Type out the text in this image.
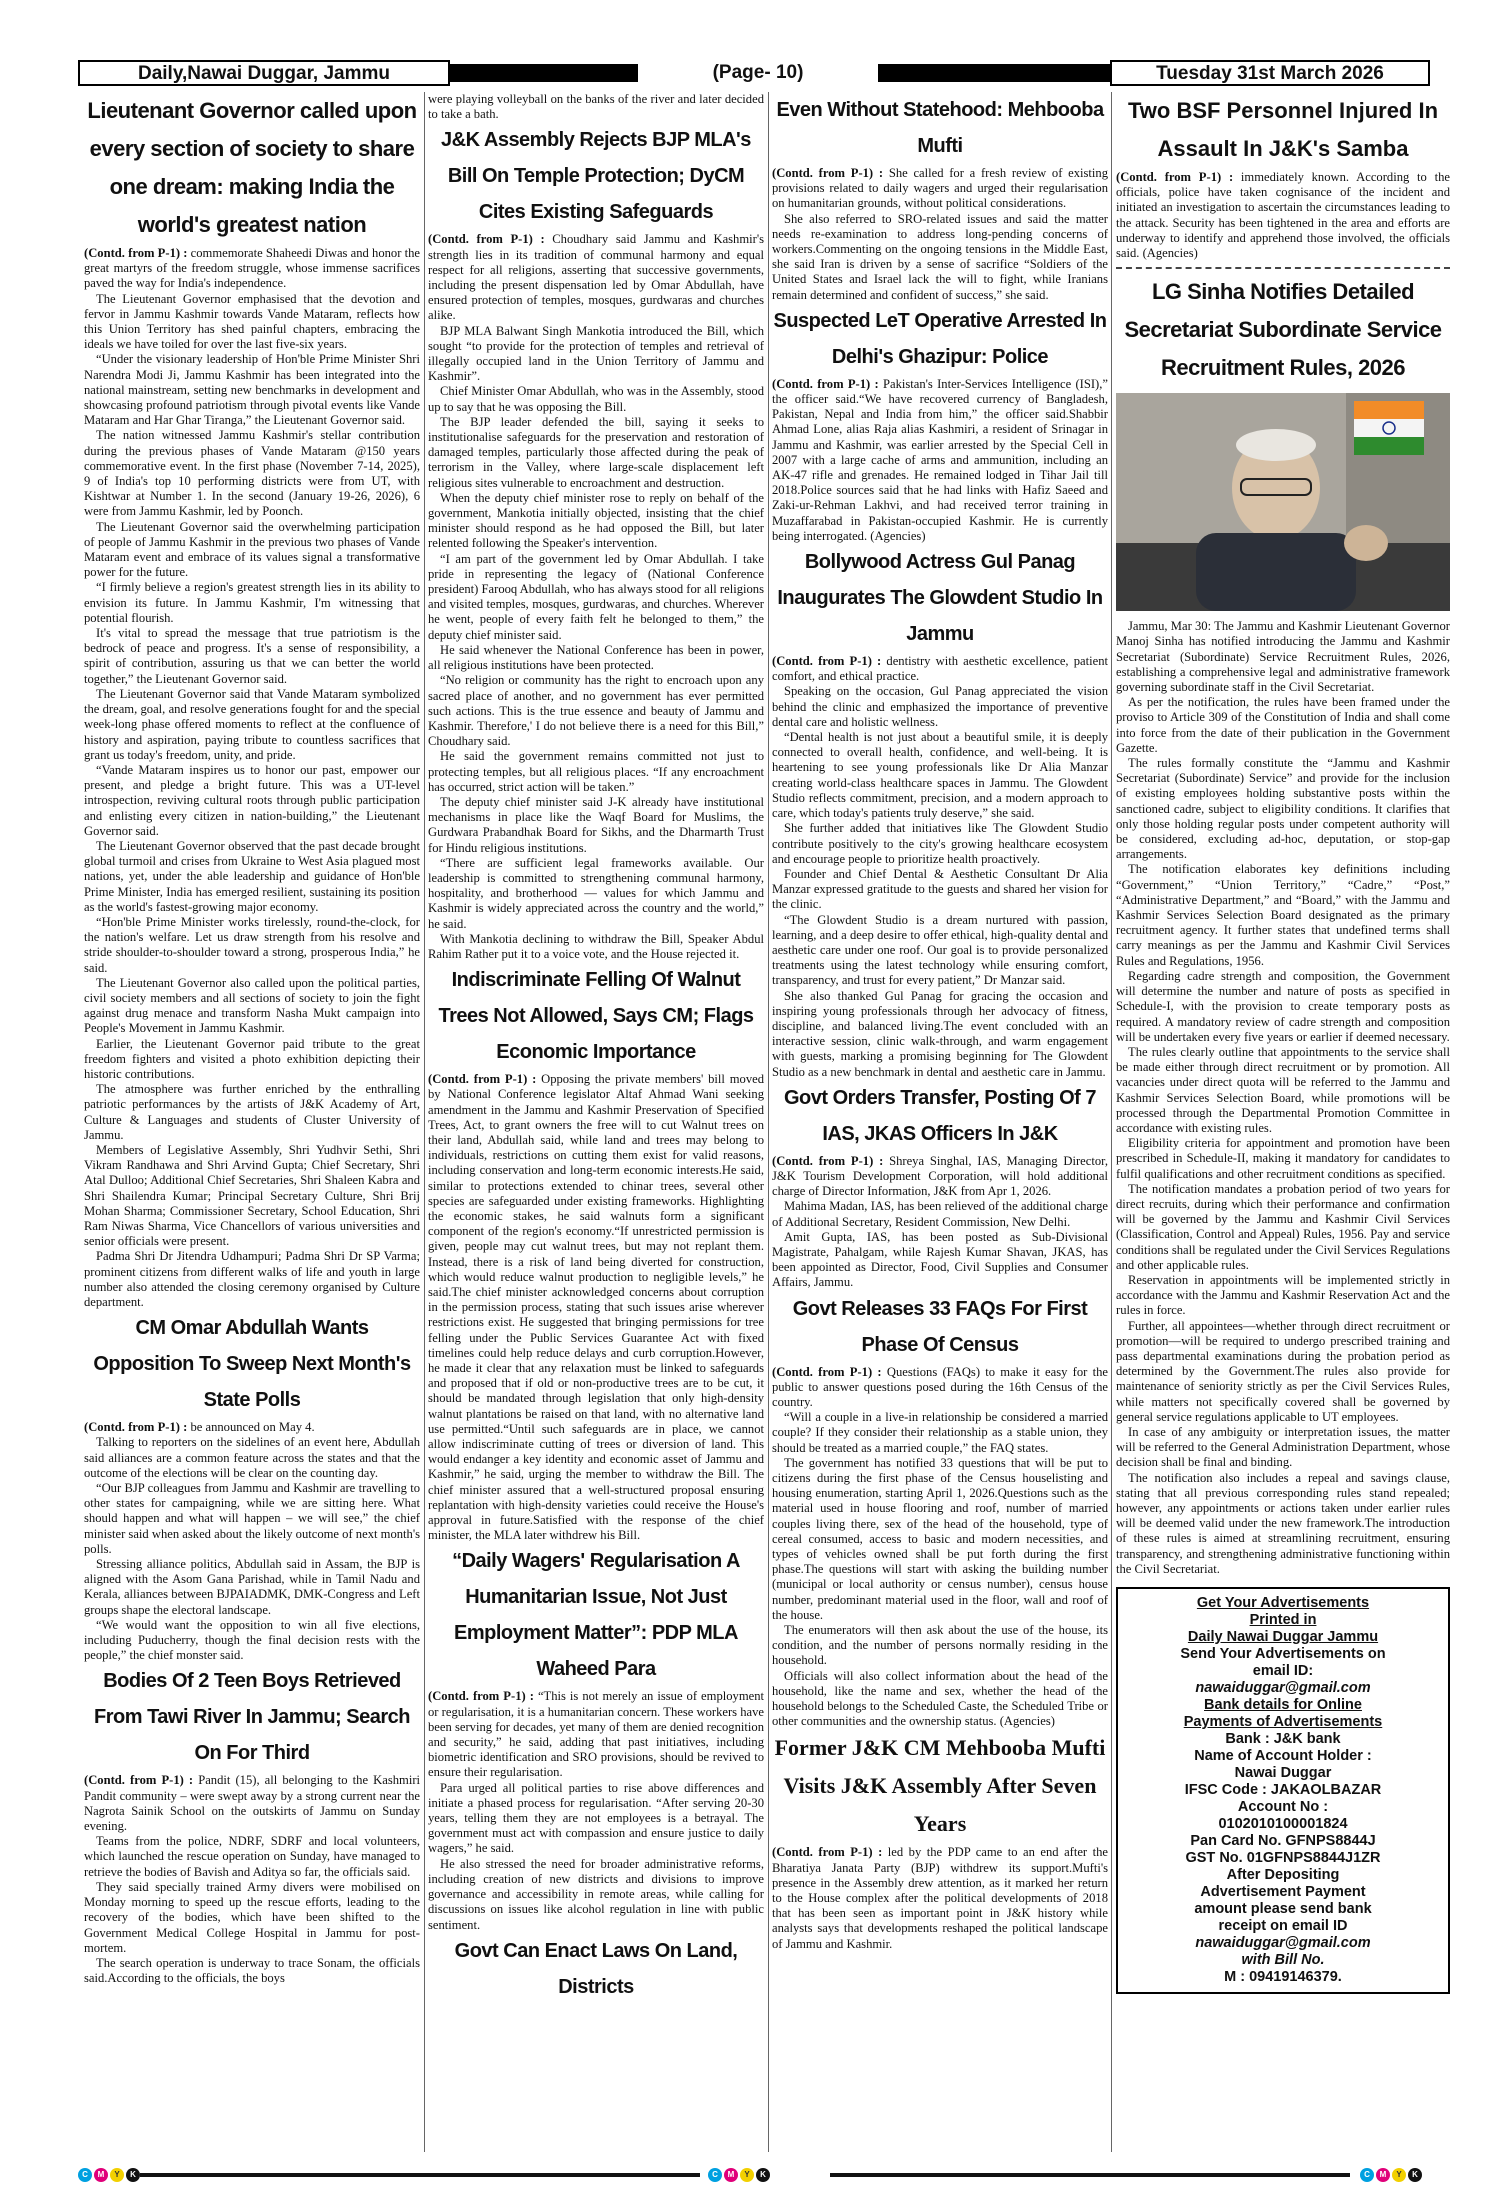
Daily,Nawai Duggar, Jammu	(Page- 10)	Tuesday 31st March 2026
Lieutenant Governor called upon every section of society to share one dream: making India the world's greatest nation

(Contd. from P-1) : commemorate Shaheedi Diwas and honor the great martyrs of the freedom struggle, whose immense sacrifices paved the way for India's independence.

The Lieutenant Governor emphasised that the devotion and fervor in Jammu Kashmir towards Vande Mataram, reflects how this Union Territory has shed painful chapters, embracing the ideals we have toiled for over the last five-six years.

“Under the visionary leadership of Hon'ble Prime Minister Shri Narendra Modi Ji, Jammu Kashmir has been integrated into the national mainstream, setting new benchmarks in development and showcasing profound patriotism through pivotal events like Vande Mataram and Har Ghar Tiranga,” the Lieutenant Governor said.

The nation witnessed Jammu Kashmir's stellar contribution during the previous phases of Vande Mataram @150 years commemorative event. In the first phase (November 7-14, 2025), 9 of India's top 10 performing districts were from UT, with Kishtwar at Number 1. In the second (January 19-26, 2026), 6 were from Jammu Kashmir, led by Poonch.

The Lieutenant Governor said the overwhelming participation of people of Jammu Kashmir in the previous two phases of Vande Mataram event and embrace of its values signal a transformative power for the future.

“I firmly believe a region's greatest strength lies in its ability to envision its future. In Jammu Kashmir, I'm witnessing that potential flourish.

It's vital to spread the message that true patriotism is the bedrock of peace and progress. It's a sense of responsibility, a spirit of contribution, assuring us that we can better the world together,” the Lieutenant Governor said.

The Lieutenant Governor said that Vande Mataram symbolized the dream, goal, and resolve generations fought for and the special week-long phase offered moments to reflect at the confluence of history and aspiration, paying tribute to countless sacrifices that grant us today's freedom, unity, and pride.

“Vande Mataram inspires us to honor our past, empower our present, and pledge a bright future. This was a UT-level introspection, reviving cultural roots through public participation and enlisting every citizen in nation-building,” the Lieutenant Governor said.

The Lieutenant Governor observed that the past decade brought global turmoil and crises from Ukraine to West Asia plagued most nations, yet, under the able leadership and guidance of Hon'ble Prime Minister, India has emerged resilient, sustaining its position as the world's fastest-growing major economy.

“Hon'ble Prime Minister works tirelessly, round-the-clock, for the nation's welfare. Let us draw strength from his resolve and stride shoulder-to-shoulder toward a strong, prosperous India,” he said.

The Lieutenant Governor also called upon the political parties, civil society members and all sections of society to join the fight against drug menace and transform Nasha Mukt campaign into People's Movement in Jammu Kashmir.

Earlier, the Lieutenant Governor paid tribute to the great freedom fighters and visited a photo exhibition depicting their historic contributions.

The atmosphere was further enriched by the enthralling patriotic performances by the artists of J&K Academy of Art, Culture & Languages and students of Cluster University of Jammu.

Members of Legislative Assembly, Shri Yudhvir Sethi, Shri Vikram Randhawa and Shri Arvind Gupta; Chief Secretary, Shri Atal Dulloo; Additional Chief Secretaries, Shri Shaleen Kabra and Shri Shailendra Kumar; Principal Secretary Culture, Shri Brij Mohan Sharma; Commissioner Secretary, School Education, Shri Ram Niwas Sharma, Vice Chancellors of various universities and senior officials were present.

Padma Shri Dr Jitendra Udhampuri; Padma Shri Dr SP Varma; prominent citizens from different walks of life and youth in large number also attended the closing ceremony organised by Culture department.

CM Omar Abdullah Wants Opposition To Sweep Next Month's State Polls

(Contd. from P-1) : be announced on May 4.

Talking to reporters on the sidelines of an event here, Abdullah said alliances are a common feature across the states and that the outcome of the elections will be clear on the counting day.

“Our BJP colleagues from Jammu and Kashmir are travelling to other states for campaigning, while we are sitting here. What should happen and what will happen – we will see,” the chief minister said when asked about the likely outcome of next month's polls.

Stressing alliance politics, Abdullah said in Assam, the BJP is aligned with the Asom Gana Parishad, while in Tamil Nadu and Kerala, alliances between BJPAIADMK, DMK-Congress and Left groups shape the electoral landscape.

“We would want the opposition to win all five elections, including Puducherry, though the final decision rests with the people,” the chief monster said.

Bodies Of 2 Teen Boys Retrieved From Tawi River In Jammu; Search On For Third

(Contd. from P-1) : Pandit (15), all belonging to the Kashmiri Pandit community – were swept away by a strong current near the Nagrota Sainik School on the outskirts of Jammu on Sunday evening.

Teams from the police, NDRF, SDRF and local volunteers, which launched the rescue operation on Sunday, have managed to retrieve the bodies of Bavish and Aditya so far, the officials said.

They said specially trained Army divers were mobilised on Monday morning to speed up the rescue efforts, leading to the recovery of the bodies, which have been shifted to the Government Medical College Hospital in Jammu for post-mortem.

The search operation is underway to trace Sonam, the officials said.According to the officials, the boys

were playing volleyball on the banks of the river and later decided to take a bath.

J&K Assembly Rejects BJP MLA's Bill On Temple Protection; DyCM Cites Existing Safeguards

(Contd. from P-1) : Choudhary said Jammu and Kashmir's strength lies in its tradition of communal harmony and equal respect for all religions, asserting that successive governments, including the present dispensation led by Omar Abdullah, have ensured protection of temples, mosques, gurdwaras and churches alike.

BJP MLA Balwant Singh Mankotia introduced the Bill, which sought “to provide for the protection of temples and retrieval of illegally occupied land in the Union Territory of Jammu and Kashmir”.

Chief Minister Omar Abdullah, who was in the Assembly, stood up to say that he was opposing the Bill.

The BJP leader defended the bill, saying it seeks to institutionalise safeguards for the preservation and restoration of damaged temples, particularly those affected during the peak of terrorism in the Valley, where large-scale displacement left religious sites vulnerable to encroachment and destruction.

When the deputy chief minister rose to reply on behalf of the government, Mankotia initially objected, insisting that the chief minister should respond as he had opposed the Bill, but later relented following the Speaker's intervention.

“I am part of the government led by Omar Abdullah. I take pride in representing the legacy of (National Conference president) Farooq Abdullah, who has always stood for all religions and visited temples, mosques, gurdwaras, and churches. Wherever he went, people of every faith felt he belonged to them,” the deputy chief minister said.

He said whenever the National Conference has been in power, all religious institutions have been protected.

“No religion or community has the right to encroach upon any sacred place of another, and no government has ever permitted such actions. This is the true essence and beauty of Jammu and Kashmir. Therefore,' I do not believe there is a need for this Bill,” Choudhary said.

He said the government remains committed not just to protecting temples, but all religious places. “If any encroachment has occurred, strict action will be taken.”

The deputy chief minister said J-K already have institutional mechanisms in place like the Waqf Board for Muslims, the Gurdwara Prabandhak Board for Sikhs, and the Dharmarth Trust for Hindu religious institutions.

“There are sufficient legal frameworks available. Our leadership is committed to strengthening communal harmony, hospitality, and brotherhood — values for which Jammu and Kashmir is widely appreciated across the country and the world,” he said.

With Mankotia declining to withdraw the Bill, Speaker Abdul Rahim Rather put it to a voice vote, and the House rejected it.

Indiscriminate Felling Of Walnut Trees Not Allowed, Says CM; Flags Economic Importance

(Contd. from P-1) : Opposing the private members' bill moved by National Conference legislator Altaf Ahmad Wani seeking amendment in the Jammu and Kashmir Preservation of Specified Trees, Act, to grant owners the free will to cut Walnut trees on their land, Abdullah said, while land and trees may belong to individuals, restrictions on cutting them exist for valid reasons, including conservation and long-term economic interests.He said, similar to protections extended to chinar trees, several other species are safeguarded under existing frameworks. Highlighting the economic stakes, he said walnuts form a significant component of the region's economy.“If unrestricted permission is given, people may cut walnut trees, but may not replant them. Instead, there is a risk of land being diverted for construction, which would reduce walnut production to negligible levels,” he said.The chief minister acknowledged concerns about corruption in the permission process, stating that such issues arise wherever restrictions exist. He suggested that bringing permissions for tree felling under the Public Services Guarantee Act with fixed timelines could help reduce delays and curb corruption.However, he made it clear that any relaxation must be linked to safeguards and proposed that if old or non-productive trees are to be cut, it should be mandated through legislation that only high-density walnut plantations be raised on that land, with no alternative land use permitted.“Until such safeguards are in place, we cannot allow indiscriminate cutting of trees or diversion of land. This would endanger a key identity and economic asset of Jammu and Kashmir,” he said, urging the member to withdraw the Bill. The chief minister assured that a well-structured proposal ensuring replantation with high-density varieties could receive the House's approval in future.Satisfied with the response of the chief minister, the MLA later withdrew his Bill.

“Daily Wagers' Regularisation A Humanitarian Issue, Not Just Employment Matter”: PDP MLA Waheed Para

(Contd. from P-1) : “This is not merely an issue of employment or regularisation, it is a humanitarian concern. These workers have been serving for decades, yet many of them are denied recognition and security,” he said, adding that past initiatives, including biometric identification and SRO provisions, should be revived to ensure their regularisation.

Para urged all political parties to rise above differences and initiate a phased process for regularisation. “After serving 20-30 years, telling them they are not employees is a betrayal. The government must act with compassion and ensure justice to daily wagers,” he said.

He also stressed the need for broader administrative reforms, including creation of new districts and divisions to improve governance and accessibility in remote areas, while calling for discussions on issues like alcohol regulation in line with public sentiment.

Govt Can Enact Laws On Land, Districts
Even Without Statehood: Mehbooba Mufti

(Contd. from P-1) : She called for a fresh review of existing provisions related to daily wagers and urged their regularisation on humanitarian grounds, without political considerations.

She also referred to SRO-related issues and said the matter needs re-examination to address long-pending concerns of workers.Commenting on the ongoing tensions in the Middle East, she said Iran is driven by a sense of sacrifice “Soldiers of the United States and Israel lack the will to fight, while Iranians remain determined and confident of success,” she said.

Suspected LeT Operative Arrested In Delhi's Ghazipur: Police

(Contd. from P-1) : Pakistan's Inter-Services Intelligence (ISI),” the officer said.“We have recovered currency of Bangladesh, Pakistan, Nepal and India from him,” the officer said.Shabbir Ahmad Lone, alias Raja alias Kashmiri, a resident of Srinagar in Jammu and Kashmir, was earlier arrested by the Special Cell in 2007 with a large cache of arms and ammunition, including an AK-47 rifle and grenades. He remained lodged in Tihar Jail till 2018.Police sources said that he had links with Hafiz Saeed and Zaki-ur-Rehman Lakhvi, and had received terror training in Muzaffarabad in Pakistan-occupied Kashmir. He is currently being interrogated. (Agencies)

Bollywood Actress Gul Panag Inaugurates The Glowdent Studio In Jammu

(Contd. from P-1) : dentistry with aesthetic excellence, patient comfort, and ethical practice.

Speaking on the occasion, Gul Panag appreciated the vision behind the clinic and emphasized the importance of preventive dental care and holistic wellness.

“Dental health is not just about a beautiful smile, it is deeply connected to overall health, confidence, and well-being. It is heartening to see young professionals like Dr Alia Manzar creating world-class healthcare spaces in Jammu. The Glowdent Studio reflects commitment, precision, and a modern approach to care, which today's patients truly deserve,” she said.

She further added that initiatives like The Glowdent Studio contribute positively to the city's growing healthcare ecosystem and encourage people to prioritize health proactively.

Founder and Chief Dental & Aesthetic Consultant Dr Alia Manzar expressed gratitude to the guests and shared her vision for the clinic.

“The Glowdent Studio is a dream nurtured with passion, learning, and a deep desire to offer ethical, high-quality dental and aesthetic care under one roof. Our goal is to provide personalized treatments using the latest technology while ensuring comfort, transparency, and trust for every patient,” Dr Manzar said.

She also thanked Gul Panag for gracing the occasion and inspiring young professionals through her advocacy of fitness, discipline, and balanced living.The event concluded with an interactive session, clinic walk-through, and warm engagement with guests, marking a promising beginning for The Glowdent Studio as a new benchmark in dental and aesthetic care in Jammu.

Govt Orders Transfer, Posting Of 7 IAS, JKAS Officers In J&K

(Contd. from P-1) : Shreya Singhal, IAS, Managing Director, J&K Tourism Development Corporation, will hold additional charge of Director Information, J&K from Apr 1, 2026.

Mahima Madan, IAS, has been relieved of the additional charge of Additional Secretary, Resident Commission, New Delhi.

Amit Gupta, IAS, has been posted as Sub-Divisional Magistrate, Pahalgam, while Rajesh Kumar Shavan, JKAS, has been appointed as Director, Food, Civil Supplies and Consumer Affairs, Jammu.

Govt Releases 33 FAQs For First Phase Of Census

(Contd. from P-1) : Questions (FAQs) to make it easy for the public to answer questions posed during the 16th Census of the country.

“Will a couple in a live-in relationship be considered a married couple? If they consider their relationship as a stable union, they should be treated as a married couple,” the FAQ states.

The government has notified 33 questions that will be put to citizens during the first phase of the Census houselisting and housing enumeration, starting April 1, 2026.Questions such as the material used in house flooring and roof, number of married couples living there, sex of the head of the household, type of cereal consumed, access to basic and modern necessities, and types of vehicles owned shall be put forth during the first phase.The questions will start with asking the building number (municipal or local authority or census number), census house number, predominant material used in the floor, wall and roof of the house.

The enumerators will then ask about the use of the house, its condition, and the number of persons normally residing in the household.

Officials will also collect information about the head of the household, like the name and sex, whether the head of the household belongs to the Scheduled Caste, the Scheduled Tribe or other communities and the ownership status. (Agencies)

Former J&K CM Mehbooba Mufti Visits J&K Assembly After Seven Years

(Contd. from P-1) : led by the PDP came to an end after the Bharatiya Janata Party (BJP) withdrew its support.Mufti's presence in the Assembly drew attention, as it marked her return to the House complex after the political developments of 2018 that has been seen as important point in J&K history while analysts says that developments reshaped the political landscape of Jammu and Kashmir.

Two BSF Personnel Injured In Assault In J&K's Samba

(Contd. from P-1) : immediately known. According to the officials, police have taken cognisance of the incident and initiated an investigation to ascertain the circumstances leading to the attack. Security has been tightened in the area and efforts are underway to identify and apprehend those involved, the officials said. (Agencies)

LG Sinha Notifies Detailed Secretariat Subordinate Service Recruitment Rules, 2026

Jammu, Mar 30: The Jammu and Kashmir Lieutenant Governor Manoj Sinha has notified introducing the Jammu and Kashmir Secretariat (Subordinate) Service Recruitment Rules, 2026, establishing a comprehensive legal and administrative framework governing subordinate staff in the Civil Secretariat.

As per the notification, the rules have been framed under the proviso to Article 309 of the Constitution of India and shall come into force from the date of their publication in the Government Gazette.

The rules formally constitute the “Jammu and Kashmir Secretariat (Subordinate) Service” and provide for the inclusion of existing employees holding substantive posts within the sanctioned cadre, subject to eligibility conditions. It clarifies that only those holding regular posts under competent authority will be considered, excluding ad-hoc, deputation, or stop-gap arrangements.

The notification elaborates key definitions including “Government,” “Union Territory,” “Cadre,” “Post,” “Administrative Department,” and “Board,” with the Jammu and Kashmir Services Selection Board designated as the primary recruitment agency. It further states that undefined terms shall carry meanings as per the Jammu and Kashmir Civil Services Rules and Regulations, 1956.

Regarding cadre strength and composition, the Government will determine the number and nature of posts as specified in Schedule-I, with the provision to create temporary posts as required. A mandatory review of cadre strength and composition will be undertaken every five years or earlier if deemed necessary.

The rules clearly outline that appointments to the service shall be made either through direct recruitment or by promotion. All vacancies under direct quota will be referred to the Jammu and Kashmir Services Selection Board, while promotions will be processed through the Departmental Promotion Committee in accordance with existing rules.

Eligibility criteria for appointment and promotion have been prescribed in Schedule-II, making it mandatory for candidates to fulfil qualifications and other recruitment conditions as specified.

The notification mandates a probation period of two years for direct recruits, during which their performance and confirmation will be governed by the Jammu and Kashmir Civil Services (Classification, Control and Appeal) Rules, 1956. Pay and service conditions shall be regulated under the Civil Services Regulations and other applicable rules.

Reservation in appointments will be implemented strictly in accordance with the Jammu and Kashmir Reservation Act and the rules in force.

Further, all appointees—whether through direct recruitment or promotion—will be required to undergo prescribed training and pass departmental examinations during the probation period as determined by the Government.The rules also provide for maintenance of seniority strictly as per the Civil Services Rules, while matters not specifically covered shall be governed by general service regulations applicable to UT employees.

In case of any ambiguity or interpretation issues, the matter will be referred to the General Administration Department, whose decision shall be final and binding.

The notification also includes a repeal and savings clause, stating that all previous corresponding rules stand repealed; however, any appointments or actions taken under earlier rules will be deemed valid under the new framework.The introduction of these rules is aimed at streamlining recruitment, ensuring transparency, and strengthening administrative functioning within the Civil Secretariat.

Get Your Advertisements
Printed in
Daily Nawai Duggar Jammu
Send Your Advertisements on
email ID:
nawaiduggar@gmail.com
Bank details for Online
Payments of Advertisements
Bank : J&K bank
Name of Account Holder :
Nawai Duggar
IFSC Code : JAKAOLBAZAR
Account No :
0102010100001824
Pan Card No. GFNPS8844J
GST No. 01GFNPS8844J1ZR
After Depositing
Advertisement Payment
amount please send bank
receipt on email ID
nawaiduggar@gmail.com
with Bill No.
M : 09419146379.
C	M	Y	K	C	M	Y	K	C	M	Y	K
